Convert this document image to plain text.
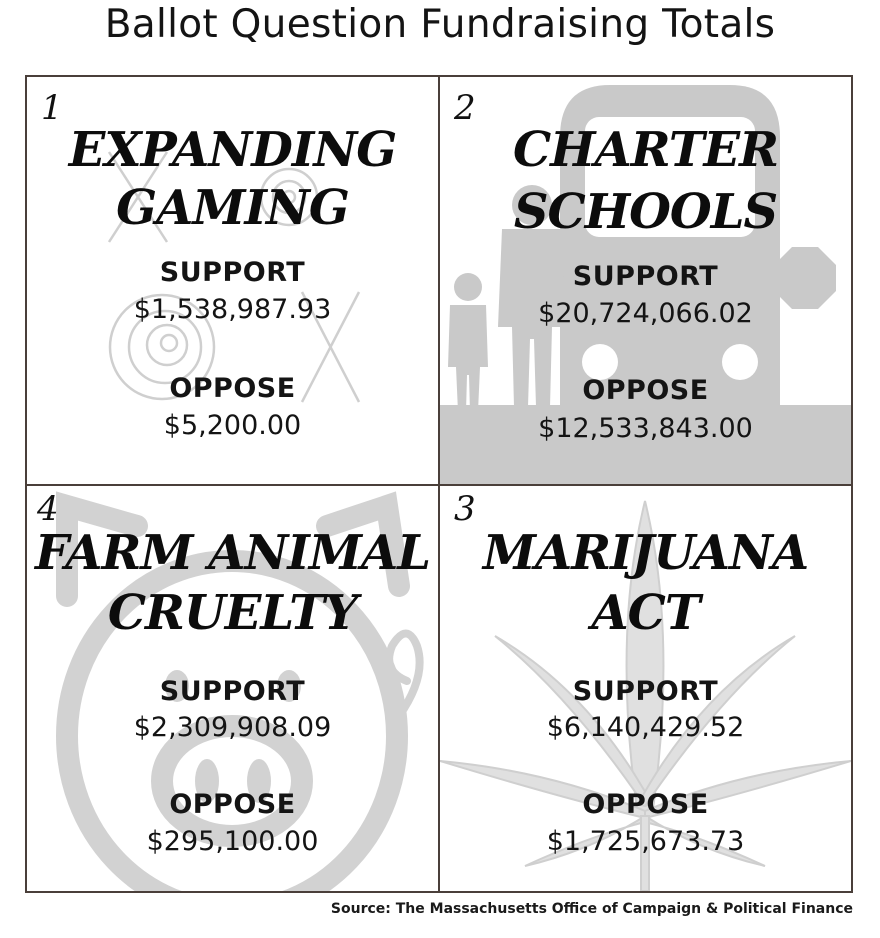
Ballot Question Fundraising Totals
1
EXPANDING
GAMING
SUPPORT
$1,538,987.93
OPPOSE
$5,200.00
2
CHARTER
SCHOOLS
SUPPORT
$20,724,066.02
OPPOSE
$12,533,843.00
4
FARM ANIMAL
CRUELTY
SUPPORT
$2,309,908.09
OPPOSE
$295,100.00
3
MARIJUANA
ACT
SUPPORT
$6,140,429.52
OPPOSE
$1,725,673.73
Source: The Massachusetts Office of Campaign & Political Finance
